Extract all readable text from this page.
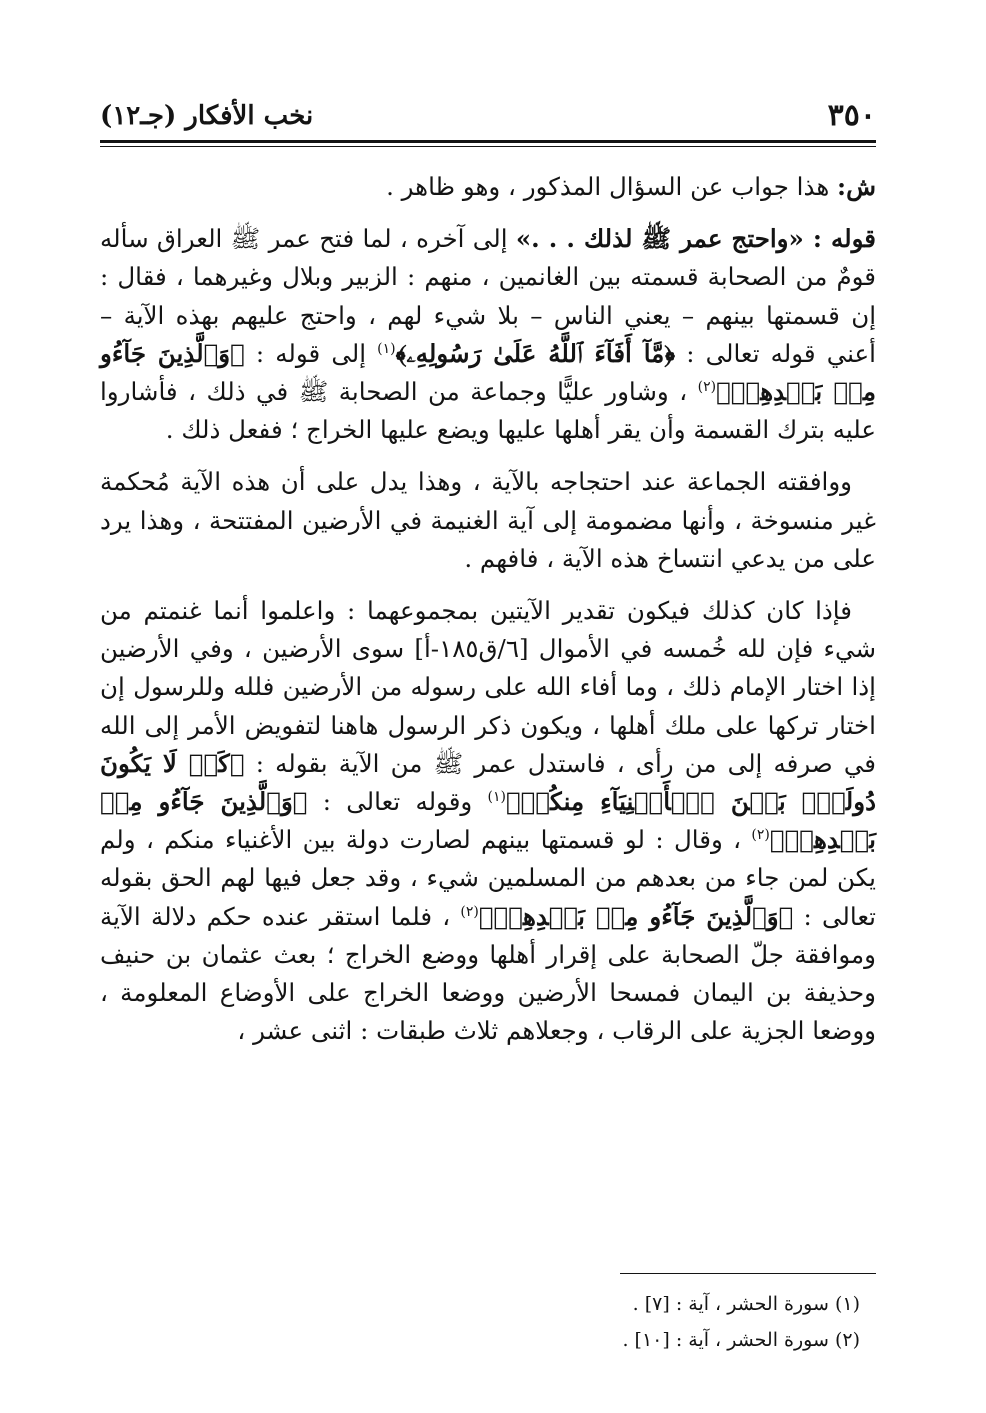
٣٥٠
نخب الأفكار (جـ١٢)

ش: هذا جواب عن السؤال المذكور ، وهو ظاهر .

قوله : «واحتج عمر ﷺ لذلك . . .» إلى آخره ، لما فتح عمر ﷺ العراق سأله قومٌ من الصحابة قسمته بين الغانمين ، منهم : الزبير وبلال وغيرهما ، فقال : إن قسمتها بينهم – يعني الناس – بلا شيء لهم ، واحتج عليهم بهذه الآية – أعني قوله تعالى : ﴿مَّآ أَفَآءَ ٱللَّهُ عَلَىٰ رَسُولِهِۦ﴾$^{(١)}$ إلى قوله : ﴿وَٱلَّذِينَ جَآءُو مِنۢ بَعۡدِهِمۡ﴾$^{(٢)}$ ، وشاور عليًّا وجماعة من الصحابة ﷺ في ذلك ، فأشاروا عليه بترك القسمة وأن يقر أهلها عليها ويضع عليها الخراج ؛ ففعل ذلك .

ووافقته الجماعة عند احتجاجه بالآية ، وهذا يدل على أن هذه الآية مُحكمة غير منسوخة ، وأنها مضمومة إلى آية الغنيمة في الأرضين المفتتحة ، وهذا يرد على من يدعي انتساخ هذه الآية ، فافهم .

فإذا كان كذلك فيكون تقدير الآيتين بمجموعهما : واعلموا أنما غنمتم من شيء فإن لله خُمسه في الأموال [٦/ق١٨٥-أ] سوى الأرضين ، وفي الأرضين إذا اختار الإمام ذلك ، وما أفاء الله على رسوله من الأرضين فلله وللرسول إن اختار تركها على ملك أهلها ، ويكون ذكر الرسول هاهنا لتفويض الأمر إلى الله في صرفه إلى من رأى ، فاستدل عمر ﷺ من الآية بقوله : ﴿كَيۡ لَا يَكُونَ دُولَةَۢ بَيۡنَ ٱلۡأَغۡنِيَآءِ مِنكُمۡ﴾$^{(١)}$ وقوله تعالى : ﴿وَٱلَّذِينَ جَآءُو مِنۢ بَعۡدِهِمۡ﴾$^{(٢)}$ ، وقال : لو قسمتها بينهم لصارت دولة بين الأغنياء منكم ، ولم يكن لمن جاء من بعدهم من المسلمين شيء ، وقد جعل فيها لهم الحق بقوله تعالى : ﴿وَٱلَّذِينَ جَآءُو مِنۢ بَعۡدِهِمۡ﴾$^{(٢)}$ ، فلما استقر عنده حكم دلالة الآية وموافقة جلّ الصحابة على إقرار أهلها ووضع الخراج ؛ بعث عثمان بن حنيف وحذيفة بن اليمان فمسحا الأرضين ووضعا الخراج على الأوضاع المعلومة ، ووضعا الجزية على الرقاب ، وجعلاهم ثلاث طبقات : اثنى عشر ،

(١) سورة الحشر ، آية : [٧] .

(٢) سورة الحشر ، آية : [١٠] .
